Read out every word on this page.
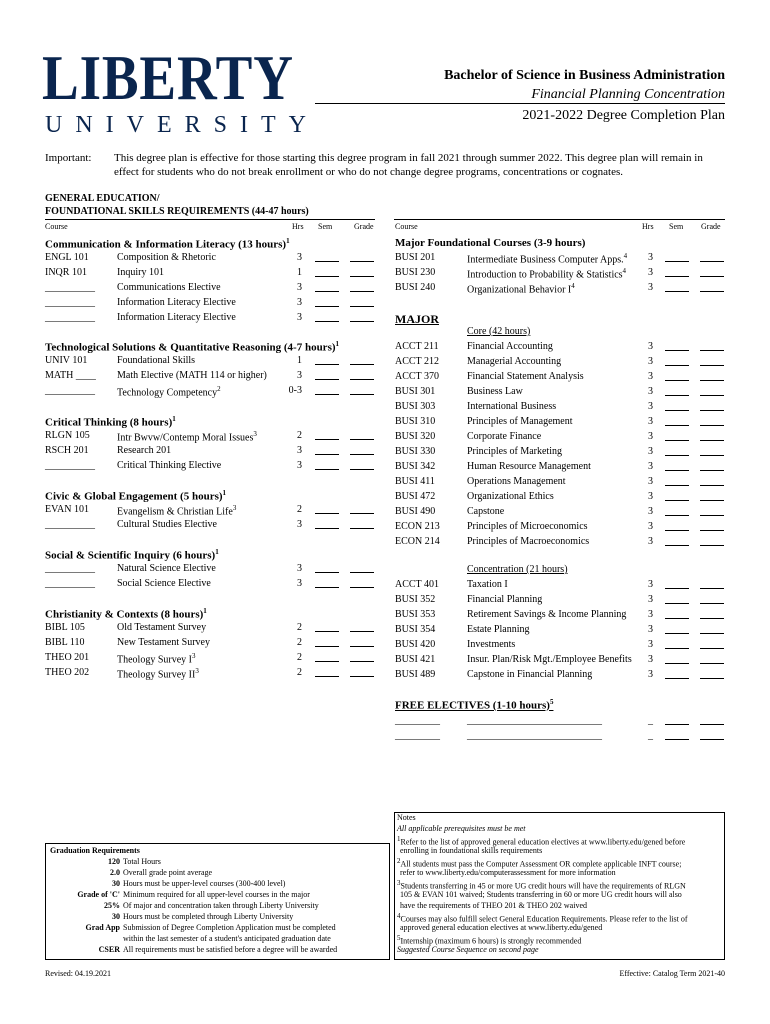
LIBERTY
UNIVERSITY
Bachelor of Science in Business Administration
Financial Planning Concentration
2021-2022 Degree Completion Plan
Important: This degree plan is effective for those starting this degree program in fall 2021 through summer 2022. This degree plan will remain in
effect for students who do not break enrollment or who do not change degree programs, concentrations or cognates.
GENERAL EDUCATION/
FOUNDATIONAL SKILLS REQUIREMENTS (44-47 hours)
Course	Hrs Sem	Grade
Communication & Information Literacy (13 hours)$^1$
ENGL 101	Composition & Rhetoric	3
INQR 101	Inquiry 101	1
__________ Communications Elective	3
__________ Information Literacy Elective	3
__________ Information Literacy Elective	3
Technological Solutions & Quantitative Reasoning (4-7 hours)$^1$
UNIV 101	Foundational Skills	1
MATH ____ Math Elective (MATH 114 or higher)	3
__________ Technology Competency$^2$	0-3
Critical Thinking (8 hours)$^1$
RLGN 105	Intr Bwvw/Contemp Moral Issues$^3$	2
RSCH 201	Research 201	3
__________ Critical Thinking Elective	3
Civic & Global Engagement (5 hours)$^1$
EVAN 101	Evangelism & Christian Life$^3$	2
__________ Cultural Studies Elective	3
Social & Scientific Inquiry (6 hours)$^1$
__________ Natural Science Elective	3
__________ Social Science Elective	3
Christianity & Contexts (8 hours)$^1$
BIBL 105	Old Testament Survey	2
BIBL 110	New Testament Survey	2
THEO 201	Theology Survey $I^3$	2
THEO 202	Theology Survey $II^3$	2
Course	Hrs Sem Grade
Major Foundational Courses (3-9 hours)
MAJOR
Core (42 hours)
Concentration (21 hours)
FREE ELECTIVES (1-10 hours)$^5$
BUSI 201	Intermediate Business Computer Apps.$^4$	3
BUSI 230	Introduction to Probability & Statistics$^4$	3
BUSI 240	Organizational Behavior $I^4$	3
ACCT 211	Financial Accounting	3
ACCT 212	Managerial Accounting	3
ACCT 370	Financial Statement Analysis	3
BUSI 301	Business Law	3
BUSI 303	International Business	3
BUSI 310	Principles of Management	3
BUSI 320	Corporate Finance	3
BUSI 330	Principles of Marketing	3
BUSI 342	Human Resource Management	3
BUSI 411	Operations Management	3
BUSI 472	Organizational Ethics	3
BUSI 490	Capstone	3
ECON 213	Principles of Microeconomics	3
ECON 214	Principles of Macroeconomics	3
ACCT 401	Taxation I	3
BUSI 352	Financial Planning	3
BUSI 353	Retirement Savings & Income Planning	3
BUSI 354	Estate Planning	3
BUSI 420	Investments	3
BUSI 421	Insur. Plan/Risk Mgt./Employee Benefits	3
BUSI 489	Capstone in Financial Planning	3
_________	___________________________	_
_________	___________________________	_
Graduation Requirements
120 Total Hours
2.0 Overall grade point average
30 Hours must be upper-level courses (300-400 level)
Grade of 'C' Minimum required for all upper-level courses in the major
25% Of major and concentration taken through Liberty University
30 Hours must be completed through Liberty University
Grad App Submission of Degree Completion Application must be completed
within the last semester of a student's anticipated graduation date
CSER All requirements must be satisfied before a degree will be awarded
Notes
All applicable prerequisites must be met
$^1$Refer to the list of approved general education electives at www.liberty.edu/gened before
enrolling in foundational skills requirements
$^2$All students must pass the Computer Assessment OR complete applicable INFT course;
refer to www.liberty.edu/computerassessment for more information
$^3$Students transferring in 45 or more UG credit hours will have the requirements of RLGN
105 & EVAN 101 waived; Students transferring in 60 or more UG credit hours will also
have the requirements of THEO 201 & THEO 202 waived
$^4$Courses may also fulfill select General Education Requirements. Please refer to the list of
approved general education electives at www.liberty.edu/gened
$^5$Internship (maximum 6 hours) is strongly recommended
Suggested Course Sequence on second page
Revised: 04.19.2021	Effective: Catalog Term 2021-40
